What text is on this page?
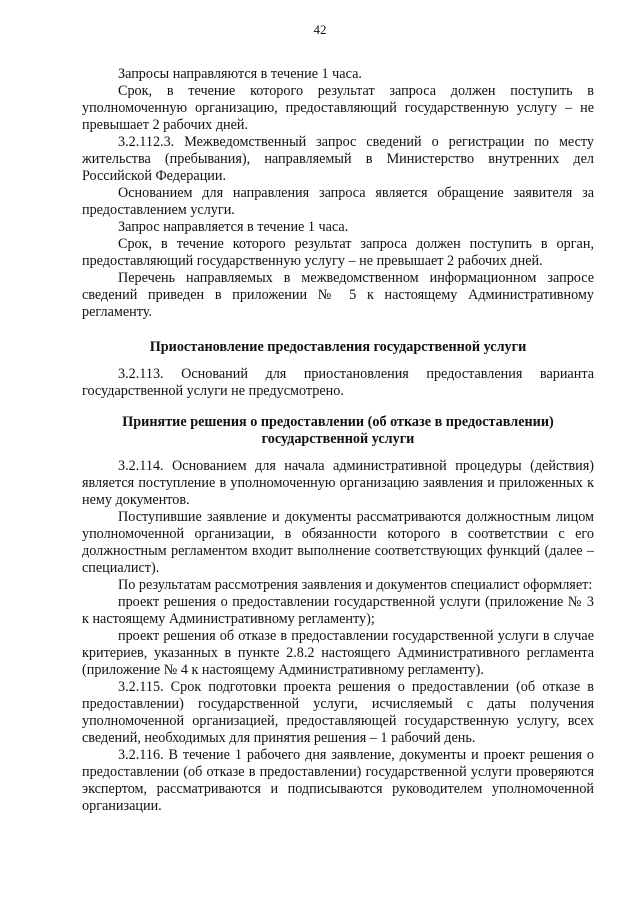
42

Запросы направляются в течение 1 часа.

Срок, в течение которого результат запроса должен поступить в уполномоченную организацию, предоставляющий государственную услугу – не превышает 2 рабочих дней.

3.2.112.3. Межведомственный запрос сведений о регистрации по месту жительства (пребывания), направляемый в Министерство внутренних дел Российской Федерации.

Основанием для направления запроса является обращение заявителя за предоставлением услуги.

Запрос направляется в течение 1 часа.

Срок, в течение которого результат запроса должен поступить в орган, предоставляющий государственную услугу – не превышает 2 рабочих дней.

Перечень направляемых в межведомственном информационном запросе сведений приведен в приложении № 5 к настоящему Административному регламенту.

Приостановление предоставления государственной услуги

3.2.113. Оснований для приостановления предоставления варианта государственной услуги не предусмотрено.

Принятие решения о предоставлении (об отказе в предоставлении) государственной услуги

3.2.114. Основанием для начала административной процедуры (действия) является поступление в уполномоченную организацию заявления и приложенных к нему документов.

Поступившие заявление и документы рассматриваются должностным лицом уполномоченной организации, в обязанности которого в соответствии с его должностным регламентом входит выполнение соответствующих функций (далее – специалист).

По результатам рассмотрения заявления и документов специалист оформляет:

проект решения о предоставлении государственной услуги (приложение № 3 к настоящему Административному регламенту);

проект решения об отказе в предоставлении государственной услуги в случае критериев, указанных в пункте 2.8.2 настоящего Административного регламента (приложение № 4 к настоящему Административному регламенту).

3.2.115. Срок подготовки проекта решения о предоставлении (об отказе в предоставлении) государственной услуги, исчисляемый с даты получения уполномоченной организацией, предоставляющей государственную услугу, всех сведений, необходимых для принятия решения – 1 рабочий день.

3.2.116. В течение 1 рабочего дня заявление, документы и проект решения о предоставлении (об отказе в предоставлении) государственной услуги проверяются экспертом, рассматриваются и подписываются руководителем уполномоченной организации.
